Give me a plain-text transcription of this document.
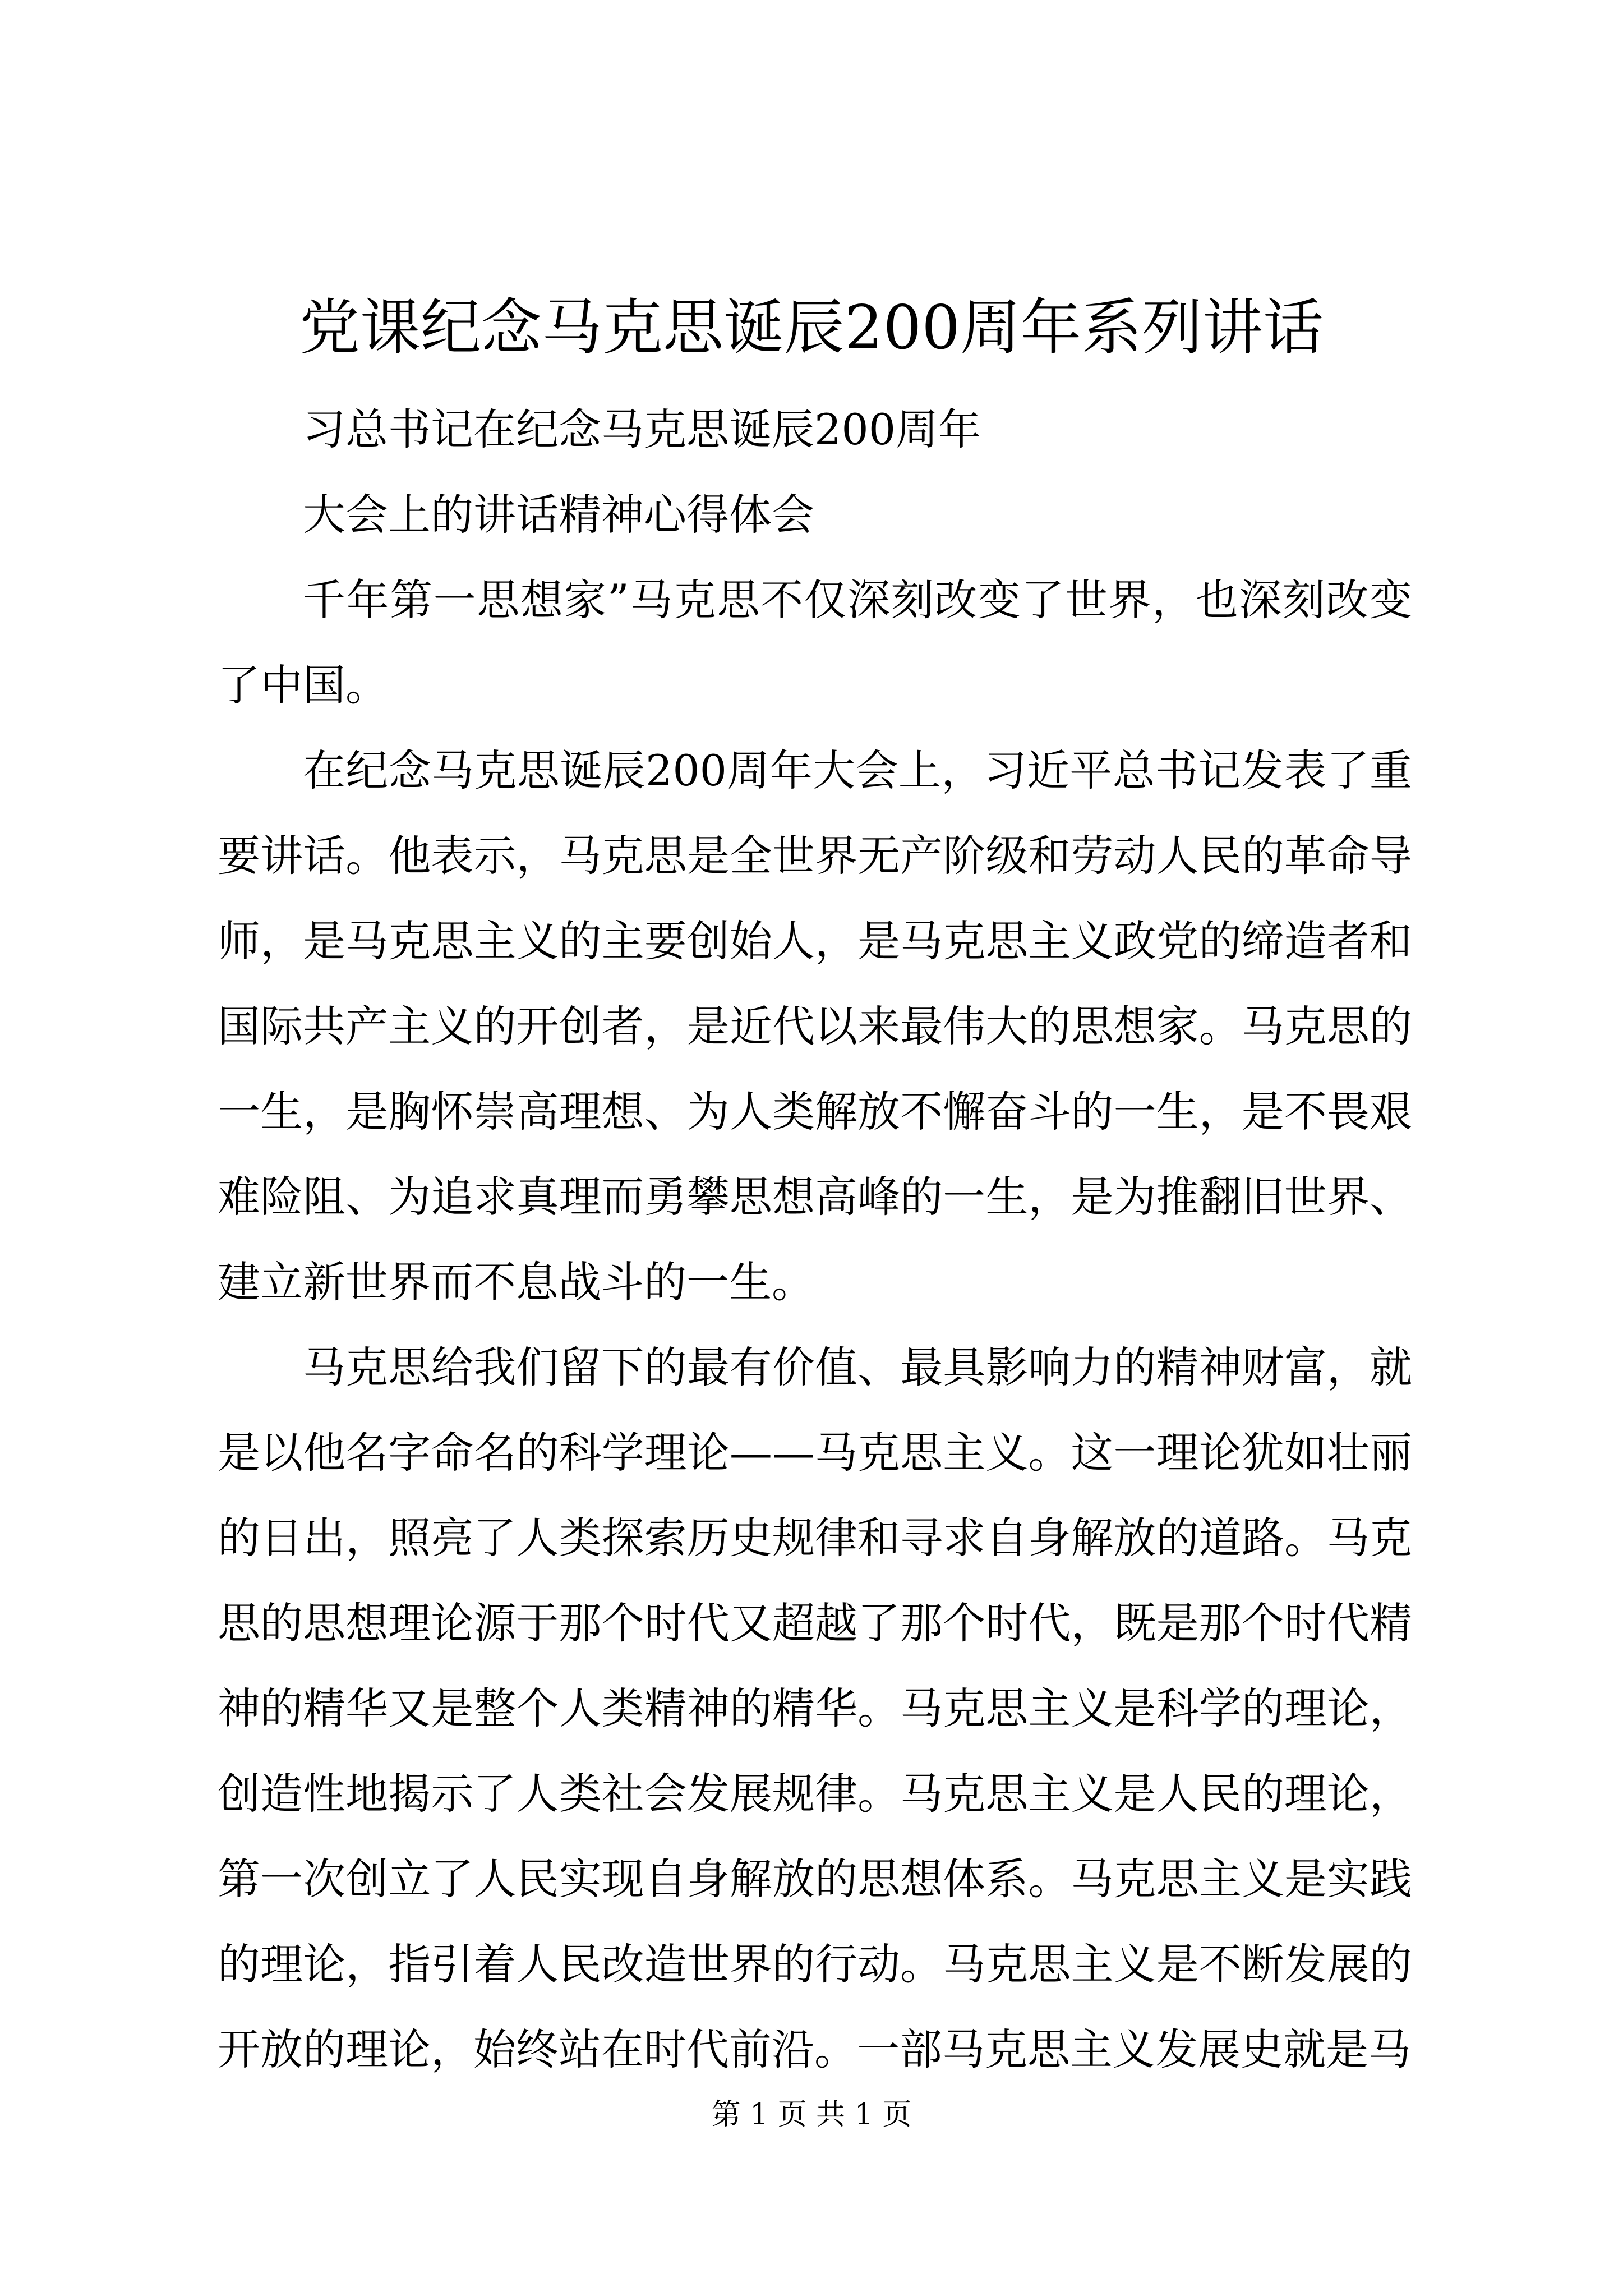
党课纪念马克思诞辰200周年系列讲话

习总书记在纪念马克思诞辰200周年

大会上的讲话精神心得体会

千年第一思想家”马克思不仅深刻改变了世界，也深刻改变了中国。

在纪念马克思诞辰200周年大会上，习近平总书记发表了重要讲话。他表示，马克思是全世界无产阶级和劳动人民的革命导师，是马克思主义的主要创始人，是马克思主义政党的缔造者和国际共产主义的开创者，是近代以来最伟大的思想家。马克思的一生，是胸怀崇高理想、为人类解放不懈奋斗的一生，是不畏艰难险阻、为追求真理而勇攀思想高峰的一生，是为推翻旧世界、建立新世界而不息战斗的一生。

马克思给我们留下的最有价值、最具影响力的精神财富，就是以他名字命名的科学理论——马克思主义。这一理论犹如壮丽的日出，照亮了人类探索历史规律和寻求自身解放的道路。马克思的思想理论源于那个时代又超越了那个时代，既是那个时代精神的精华又是整个人类精神的精华。马克思主义是科学的理论，创造性地揭示了人类社会发展规律。马克思主义是人民的理论，第一次创立了人民实现自身解放的思想体系。马克思主义是实践的理论，指引着人民改造世界的行动。马克思主义是不断发展的开放的理论，始终站在时代前沿。一部马克思主义发展史就是马

第 1 页 共 1 页
